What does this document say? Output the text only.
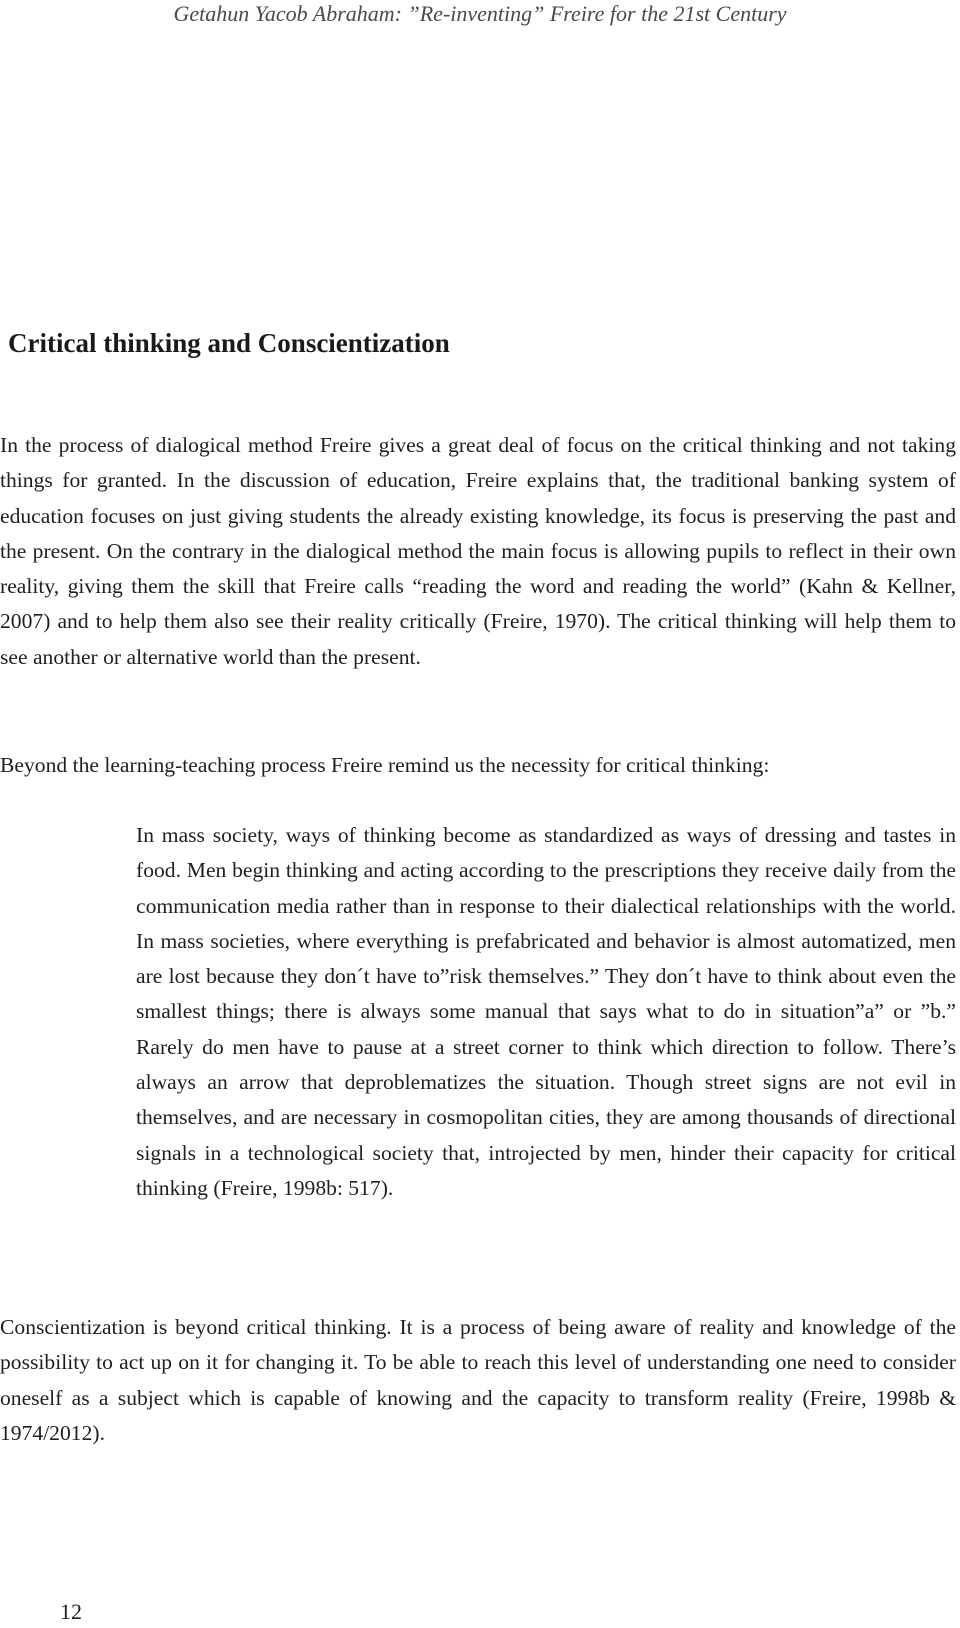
Getahun Yacob Abraham: ”Re-inventing” Freire for the 21st Century
Critical thinking and Conscientization

In the process of dialogical method Freire gives a great deal of focus on the critical thinking and not taking things for granted. In the discussion of education, Freire explains that, the traditional banking system of education focuses on just giving students the already existing knowledge, its focus is preserving the past and the present. On the contrary in the dialogical method the main focus is allowing pupils to reflect in their own reality, giving them the skill that Freire calls “reading the word and reading the world” (Kahn & Kellner, 2007) and to help them also see their reality critically (Freire, 1970). The critical thinking will help them to see another or alternative world than the present.

Beyond the learning-teaching process Freire remind us the necessity for critical thinking:

In mass society, ways of thinking become as standardized as ways of dressing and tastes in food. Men begin thinking and acting according to the prescriptions they receive daily from the communication media rather than in response to their dialectical relationships with the world. In mass societies, where everything is prefabricated and behavior is almost automatized, men are lost because they don´t have to”risk themselves.” They don´t have to think about even the smallest things; there is always some manual that says what to do in situation”a” or ”b.” Rarely do men have to pause at a street corner to think which direction to follow. There’s always an arrow that deproblematizes the situation. Though street signs are not evil in themselves, and are necessary in cosmopolitan cities, they are among thousands of directional signals in a technological society that, introjected by men, hinder their capacity for critical thinking (Freire, 1998b: 517).

Conscientization is beyond critical thinking. It is a process of being aware of reality and knowledge of the possibility to act up on it for changing it. To be able to reach this level of understanding one need to consider oneself as a subject which is capable of knowing and the capacity to transform reality (Freire, 1998b & 1974/2012).

12
